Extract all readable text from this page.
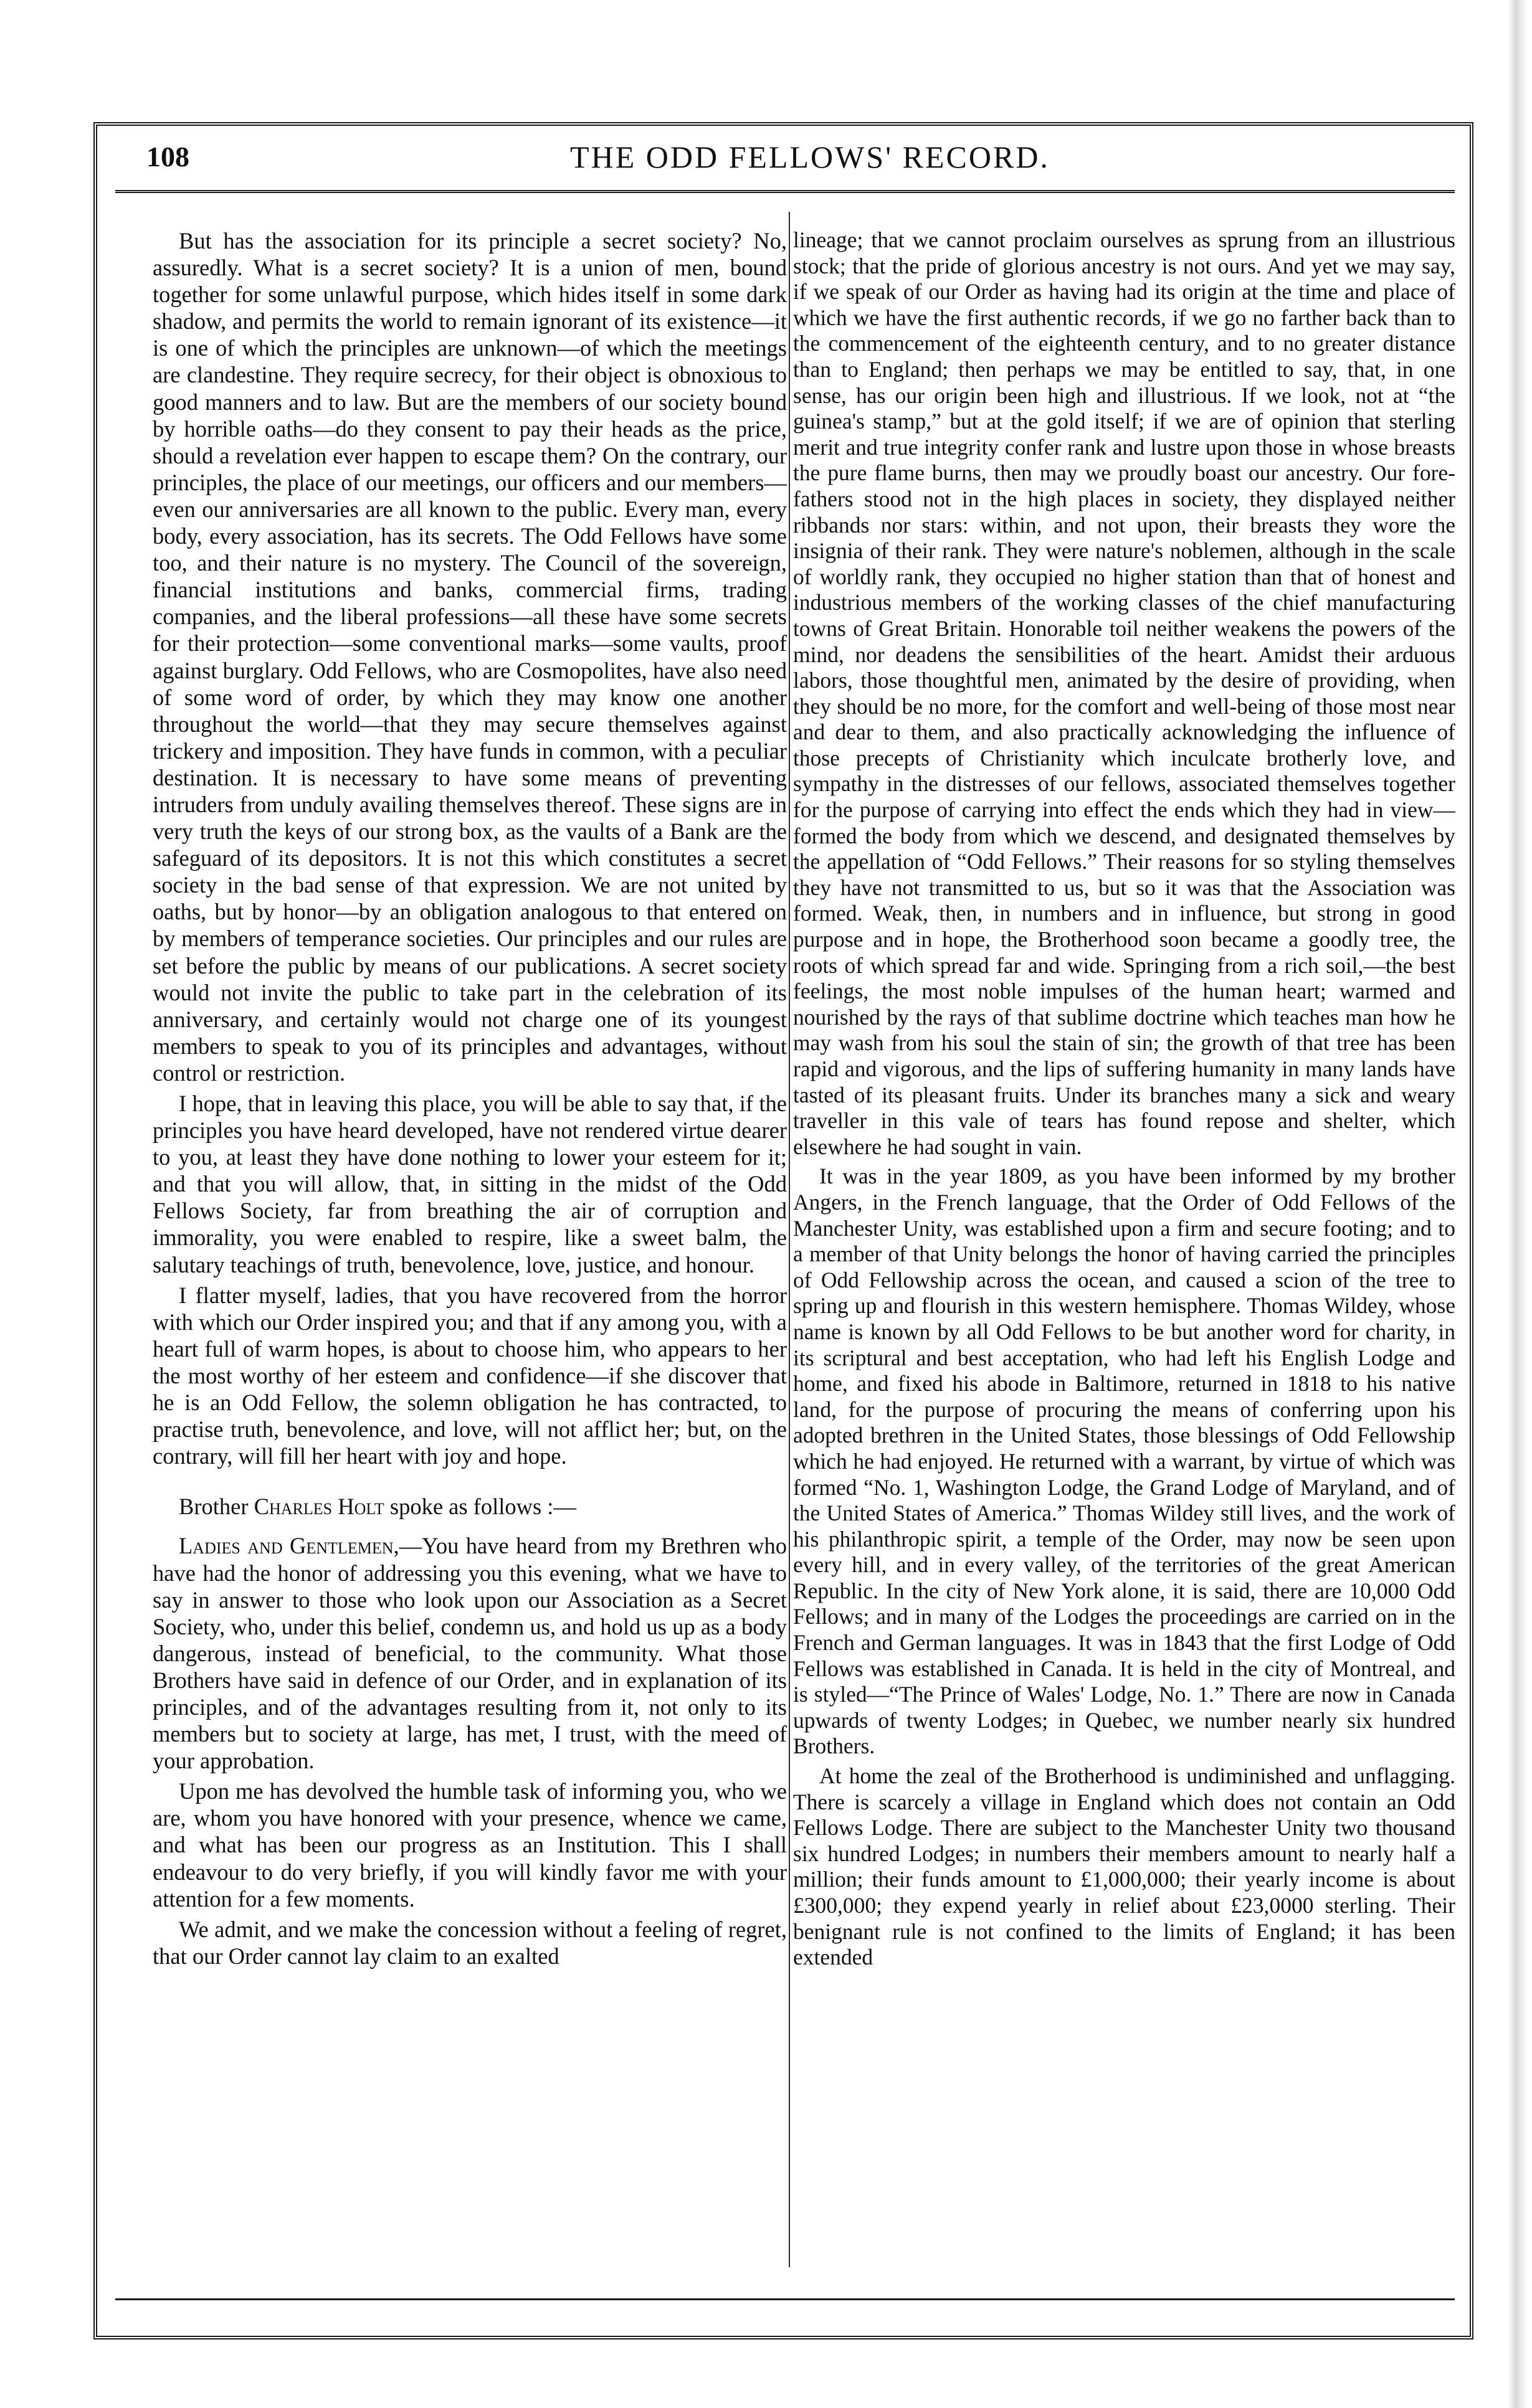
108	THE ODD FELLOWS' RECORD.

But has the association for its principle a secret society? No, assuredly. What is a secret society? It is a union of men, bound together for some unlawful purpose, which hides itself in some dark shadow, and permits the world to remain ignorant of its existence—it is one of which the principles are unknown—of which the meetings are clandestine. They require secrecy, for their object is obnoxious to good manners and to law. But are the members of our society bound by horrible oaths—do they consent to pay their heads as the price, should a revelation ever happen to escape them? On the contrary, our principles, the place of our meetings, our officers and our members—even our anniversaries are all known to the public. Every man, every body, every association, has its secrets. The Odd Fellows have some too, and their nature is no mystery. The Council of the sovereign, financial institutions and banks, commercial firms, trading companies, and the liberal professions—all these have some secrets for their protection—some conventional marks—some vaults, proof against burglary. Odd Fellows, who are Cosmopolites, have also need of some word of order, by which they may know one another throughout the world—that they may secure themselves against trickery and imposition. They have funds in common, with a peculiar destination. It is necessary to have some means of preventing intruders from unduly availing themselves thereof. These signs are in very truth the keys of our strong box, as the vaults of a Bank are the safeguard of its depositors. It is not this which constitutes a secret society in the bad sense of that expression. We are not united by oaths, but by honor—by an obligation analogous to that entered on by members of temperance societies. Our principles and our rules are set before the public by means of our publications. A secret society would not invite the public to take part in the celebration of its anniversary, and certainly would not charge one of its youngest members to speak to you of its principles and advantages, without control or restriction.

I hope, that in leaving this place, you will be able to say that, if the principles you have heard developed, have not rendered virtue dearer to you, at least they have done nothing to lower your esteem for it; and that you will allow, that, in sitting in the midst of the Odd Fellows Society, far from breathing the air of corruption and immorality, you were enabled to respire, like a sweet balm, the salutary teachings of truth, benevolence, love, justice, and honour.

I flatter myself, ladies, that you have recovered from the horror with which our Order inspired you; and that if any among you, with a heart full of warm hopes, is about to choose him, who appears to her the most worthy of her esteem and confidence—if she discover that he is an Odd Fellow, the solemn obligation he has contracted, to practise truth, benevolence, and love, will not afflict her; but, on the contrary, will fill her heart with joy and hope.

Brother Charles Holt spoke as follows :—

Ladies and Gentlemen,—You have heard from my Brethren who have had the honor of addressing you this evening, what we have to say in answer to those who look upon our Association as a Secret Society, who, under this belief, condemn us, and hold us up as a body dangerous, instead of beneficial, to the community. What those Brothers have said in defence of our Order, and in explanation of its principles, and of the advantages resulting from it, not only to its members but to society at large, has met, I trust, with the meed of your approbation.

Upon me has devolved the humble task of informing you, who we are, whom you have honored with your presence, whence we came, and what has been our progress as an Institution. This I shall endeavour to do very briefly, if you will kindly favor me with your attention for a few moments.

We admit, and we make the concession without a feeling of regret, that our Order cannot lay claim to an exalted

lineage; that we cannot proclaim ourselves as sprung from an illustrious stock; that the pride of glorious ancestry is not ours. And yet we may say, if we speak of our Order as having had its origin at the time and place of which we have the first authentic records, if we go no farther back than to the commencement of the eighteenth century, and to no greater distance than to England; then perhaps we may be entitled to say, that, in one sense, has our origin been high and illustrious. If we look, not at “the guinea's stamp,” but at the gold itself; if we are of opinion that sterling merit and true integrity confer rank and lustre upon those in whose breasts the pure flame burns, then may we proudly boast our ancestry. Our fore-fathers stood not in the high places in society, they displayed neither ribbands nor stars: within, and not upon, their breasts they wore the insignia of their rank. They were nature's noblemen, although in the scale of worldly rank, they occupied no higher station than that of honest and industrious members of the working classes of the chief manufacturing towns of Great Britain. Honorable toil neither weakens the powers of the mind, nor deadens the sensibilities of the heart. Amidst their arduous labors, those thoughtful men, animated by the desire of providing, when they should be no more, for the comfort and well-being of those most near and dear to them, and also practically acknowledging the influence of those precepts of Christianity which inculcate brotherly love, and sympathy in the distresses of our fellows, associated themselves together for the purpose of carrying into effect the ends which they had in view—formed the body from which we descend, and designated themselves by the appellation of “Odd Fellows.” Their reasons for so styling themselves they have not transmitted to us, but so it was that the Association was formed. Weak, then, in numbers and in influence, but strong in good purpose and in hope, the Brotherhood soon became a goodly tree, the roots of which spread far and wide. Springing from a rich soil,—the best feelings, the most noble impulses of the human heart; warmed and nourished by the rays of that sublime doctrine which teaches man how he may wash from his soul the stain of sin; the growth of that tree has been rapid and vigorous, and the lips of suffering humanity in many lands have tasted of its pleasant fruits. Under its branches many a sick and weary traveller in this vale of tears has found repose and shelter, which elsewhere he had sought in vain.

It was in the year 1809, as you have been informed by my brother Angers, in the French language, that the Order of Odd Fellows of the Manchester Unity, was established upon a firm and secure footing; and to a member of that Unity belongs the honor of having carried the principles of Odd Fellowship across the ocean, and caused a scion of the tree to spring up and flourish in this western hemisphere. Thomas Wildey, whose name is known by all Odd Fellows to be but another word for charity, in its scriptural and best acceptation, who had left his English Lodge and home, and fixed his abode in Baltimore, returned in 1818 to his native land, for the purpose of procuring the means of conferring upon his adopted brethren in the United States, those blessings of Odd Fellowship which he had enjoyed. He returned with a warrant, by virtue of which was formed “No. 1, Washington Lodge, the Grand Lodge of Maryland, and of the United States of America.” Thomas Wildey still lives, and the work of his philanthropic spirit, a temple of the Order, may now be seen upon every hill, and in every valley, of the territories of the great American Republic. In the city of New York alone, it is said, there are 10,000 Odd Fellows; and in many of the Lodges the proceedings are carried on in the French and German languages. It was in 1843 that the first Lodge of Odd Fellows was established in Canada. It is held in the city of Montreal, and is styled—“The Prince of Wales' Lodge, No. 1.” There are now in Canada upwards of twenty Lodges; in Quebec, we number nearly six hundred Brothers.

At home the zeal of the Brotherhood is undiminished and unflagging. There is scarcely a village in England which does not contain an Odd Fellows Lodge. There are subject to the Manchester Unity two thousand six hundred Lodges; in numbers their members amount to nearly half a million; their funds amount to £1,000,000; their yearly income is about £300,000; they expend yearly in relief about £23,0000 sterling. Their benignant rule is not confined to the limits of England; it has been extended
